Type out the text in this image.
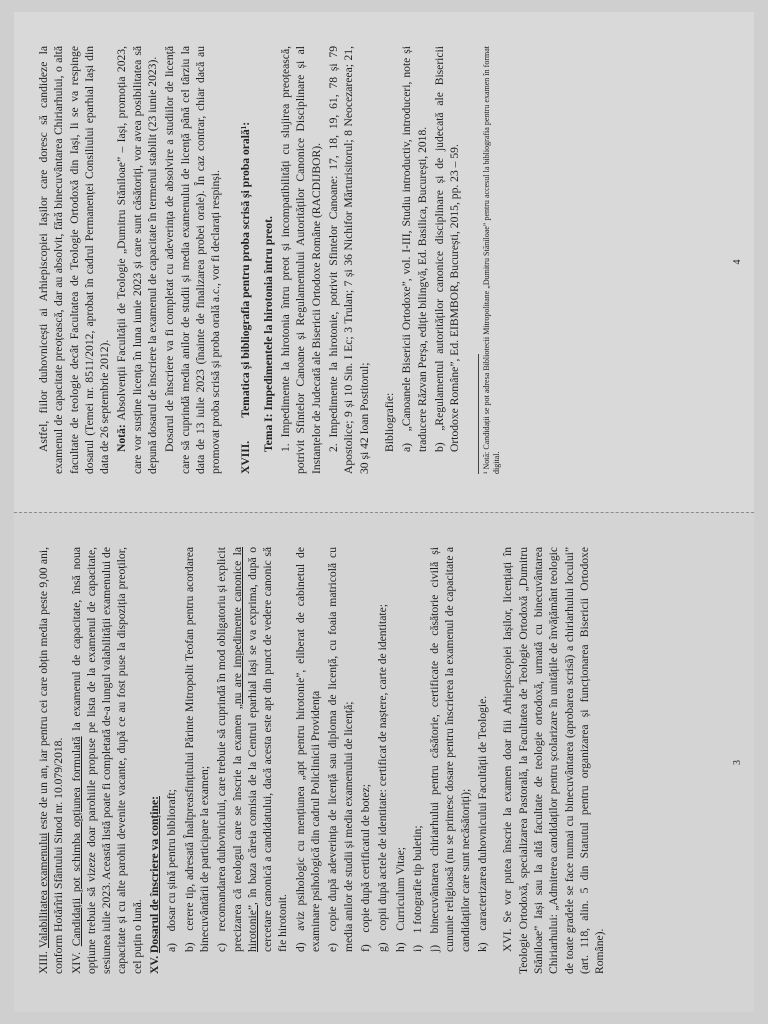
XIII. Valabilitatea examenului este de un an, iar pentru cei care obțin media peste 9,00 ani, conform Hotărîrii Sfântului Sinod nr. 10.079/2018. XIV. Candidații pot schimba opțiunea formulată la examenul de capacitate, însă noua opțiune trebuie să vizeze doar parohiile propuse pe lista de la examenul de capacitate, sesiunea iulie 2023. Această listă poate fi completată de-a lungul valabilității examenului de capacitate și cu alte parohii devenite vacante, după ce au fost puse la dispoziția preoților, cel puțin o lună. XV. Dosarul de înscriere va conține: a) dosar cu șină pentru biblioraft; b) cerere tip, adresată Înaltpreasfințitului Părinte Mitropolit Teofan pentru acordarea binecuvântării de participare la examen; c) recomandarea duhovnicului, care trebuie să cuprindă în mod obligatoriu și explicit precizarea că teologul care se înscrie la examen „nu are impedimente canonice la hirotonie”, în baza căreia comisia de la Centrul eparhial Iași se va exprima, după o cercetare canonică a candidatului, dacă acesta este apt din punct de vedere canonic să fie hirotonit. d) aviz psihologic cu mențiunea „apt pentru hirotonie”, eliberat de cabinetul de examinare psihologică din cadrul Policlinicii Providența e) copie după adeverința de licență sau diploma de licență, cu foaia matricolă cu media anilor de studii și media examenului de licență; f) copie după certificatul de botez; g) copii după actele de identitate: certificat de naștere, carte de identitate; h) Curriculum Vitae; i) 1 fotografie tip buletin; j) binecuvântarea chiriarhului pentru căsătorie, certificate de căsătorie civilă și cununie religioasă (nu se primesc dosare pentru înscrierea la examenul de capacitate a candidaților care sunt necăsătoriți); k) caracterizarea duhovnicului Facultății de Teologie. XVI. Se vor putea înscrie la examen doar fiii Arhiepiscopiei Iașilor, licențiați în Teologie Ortodoxă, specializarea Pastorală, la Facultatea de Teologie Ortodoxă „Dumitru Stăniloae” Iași sau la altă facultate de teologie ortodoxă, urmată cu binecuvântarea Chiriarhului: „Admiterea candidaților pentru școlarizare în unitățile de învățământ teologic de toate gradele se face numai cu binecuvântarea (aprobarea scrisă) a chiriarhului locului” (art. 118, alin. 5 din Statutul pentru organizarea și funcționarea Bisericii Ortodoxe Române).

3

Astfel, fiilor duhovnicești ai Arhiepiscopiei Iașilor care doresc să candideze la examenul de capacitate preoțească, dar au absolvit, fără binecuvântarea Chiriarhului, o altă facultate de teologie decât Facultatea de Teologie Ortodoxă din Iași, li se va respinge dosarul (Temei nr. 8511/2012, aprobat în cadrul Permanenței Consiliului eparhial Iași din data de 26 septembrie 2012). Notă: Absolvenții Facultății de Teologie „Dumitru Stăniloae” – Iași, promoția 2023, care vor susține licența în luna iunie 2023 și care sunt căsătoriți, vor avea posibilitatea să depună dosarul de înscriere la examenul de capacitate în termenul stabilit (23 iunie 2023). Dosarul de înscriere va fi completat cu adeverința de absolvire a studiilor de licență care să cuprindă media anilor de studii și media examenului de licență până cel târziu la data de 13 iulie 2023 (înainte de finalizarea probei orale). În caz contrar, chiar dacă au promovat proba scrisă și proba orală a.c., vor fi declarați respinși. XVIII.  Tematica și bibliografia pentru proba scrisă și proba orală¹: Tema I: Impedimentele la hirotonia întru preot. 1. Impedimente la hirotonia întru preot și incompatibilități cu slujirea preoțească, potrivit Sfintelor Canoane și Regulamentului Autorităților Canonice Disciplinare și al Instanțelor de Judecată ale Bisericii Ortodoxe Române (RACDIJBOR). 2. Impedimente la hirotonie, potrivit Sfintelor Canoane: 17, 18, 19, 61, 78 și 79 Apostolice; 9 și 10 Sin. I Ec; 3 Trulan; 7 și 36 Nichifor Mărturisitorul; 8 Neocezareea; 21, 30 și 42 Ioan Postitorul; Bibliografie: a) „Canoanele Bisericii Ortodoxe”, vol. I-III, Studiu introductiv, introduceri, note și traducere Răzvan Perșa, ediție bilingvă, Ed. Basilica, București, 2018. b) „Regulamentul autorităților canonice disciplinare și de judecată ale Bisericii Ortodoxe Române”, Ed. EIBMBOR, București, 2015, pp. 23 – 59.	¹ Notă: Candidații se pot adresa Bibliotecii Mitropolitane „Dumitru Stăniloae” pentru accesul la bibliografia pentru examen în format digital.

4
